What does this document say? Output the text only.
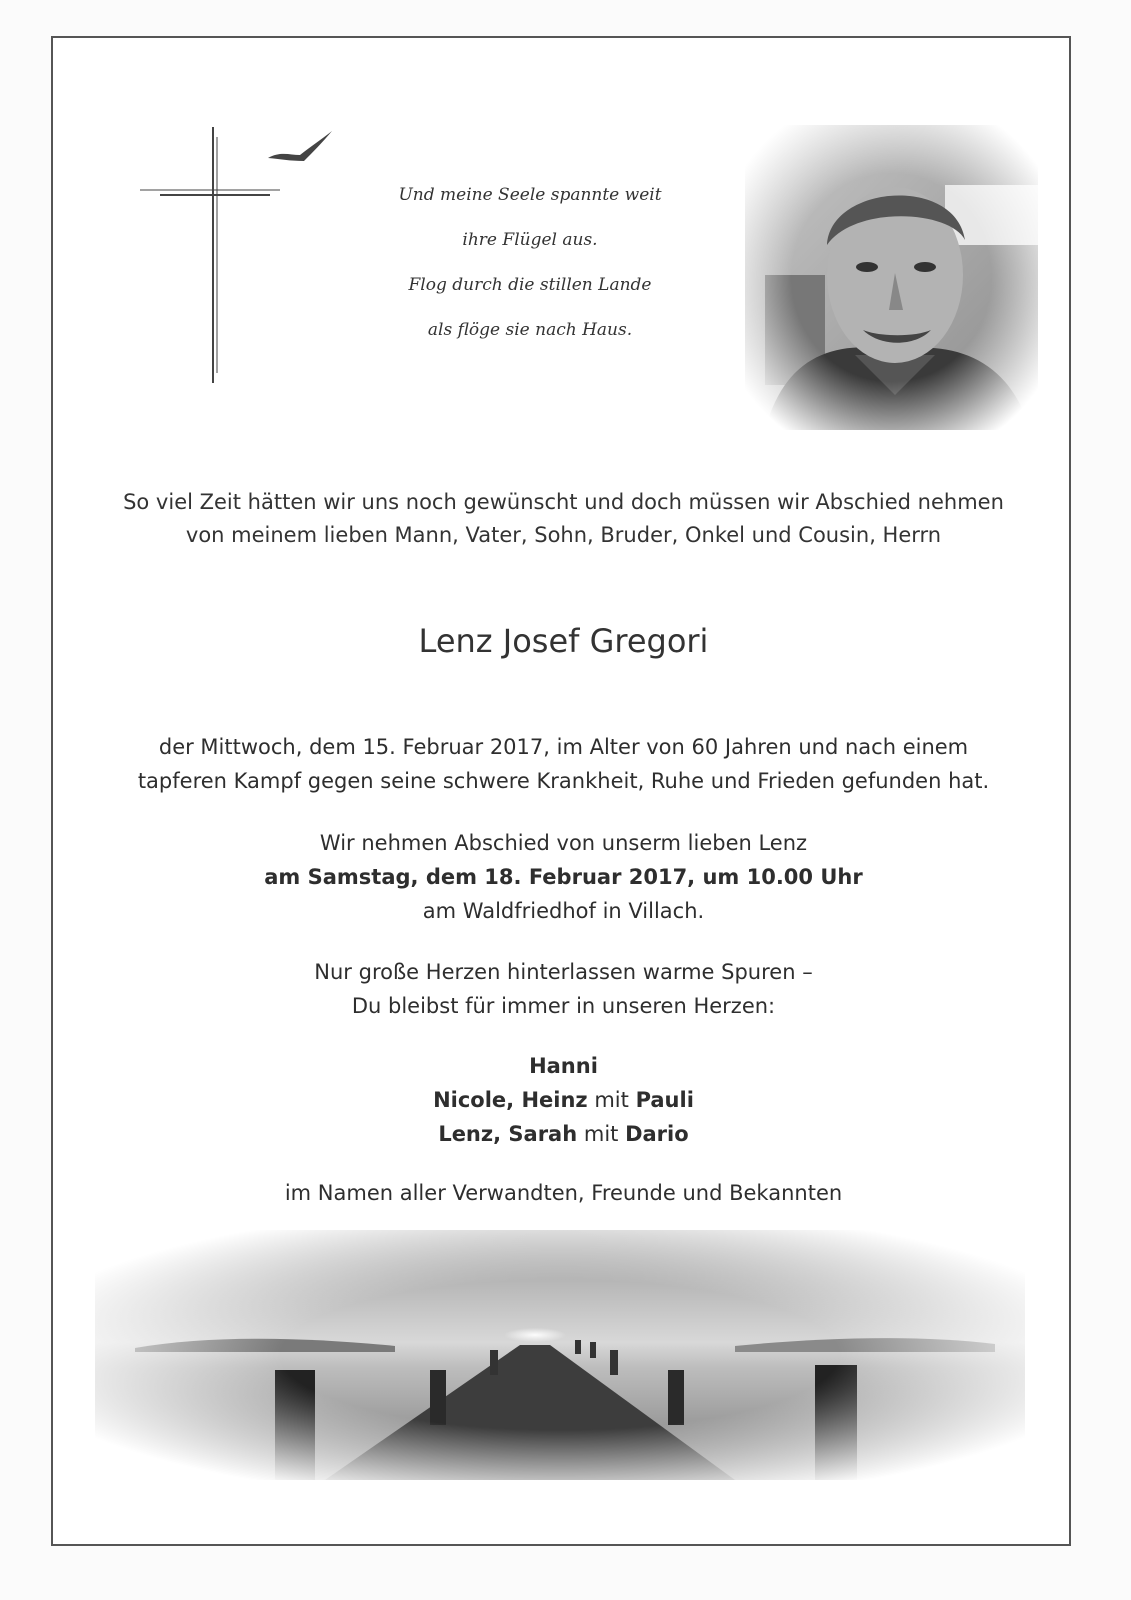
Und meine Seele spannte weit
ihre Flügel aus.
Flog durch die stillen Lande
als flöge sie nach Haus.
So viel Zeit hätten wir uns noch gewünscht und doch müssen wir Abschied nehmen
von meinem lieben Mann, Vater, Sohn, Bruder, Onkel und Cousin, Herrn
Lenz Josef Gregori
der Mittwoch, dem 15. Februar 2017, im Alter von 60 Jahren und nach einem
tapferen Kampf gegen seine schwere Krankheit, Ruhe und Frieden gefunden hat.
Wir nehmen Abschied von unserm lieben Lenz
am Samstag, dem 18. Februar 2017, um 10.00 Uhr
am Waldfriedhof in Villach.
Nur große Herzen hinterlassen warme Spuren –
Du bleibst für immer in unseren Herzen:
Hanni
Nicole, Heinz mit Pauli
Lenz, Sarah mit Dario
im Namen aller Verwandten, Freunde und Bekannten
